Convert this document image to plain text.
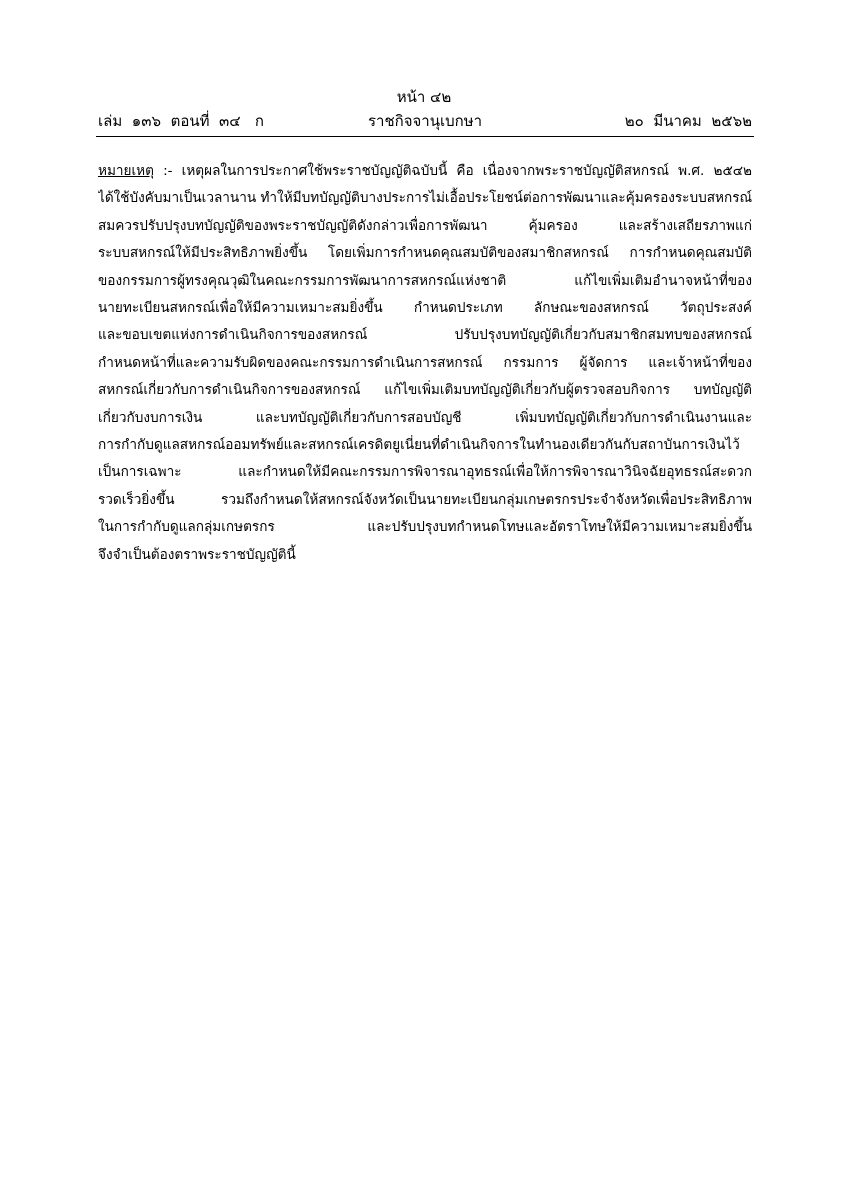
หน้า ๔๒
เล่ม  ๑๓๖  ตอนที่  ๓๔   ก	ราชกิจจานุเบกษา	๒๐  มีนาคม  ๒๕๖๒
หมายเหตุ :- เหตุผลในการประกาศใช้พระราชบัญญัติฉบับนี้ คือ เนื่องจากพระราชบัญญัติสหกรณ์ พ.ศ. ๒๕๔๒
ได้ใช้บังคับมาเป็นเวลานาน ทำให้มีบทบัญญัติบางประการไม่เอื้อประโยชน์ต่อการพัฒนาและคุ้มครองระบบสหกรณ์
สมควรปรับปรุงบทบัญญัติของพระราชบัญญัติดังกล่าวเพื่อการพัฒนา คุ้มครอง และสร้างเสถียรภาพแก่
ระบบสหกรณ์ให้มีประสิทธิภาพยิ่งขึ้น โดยเพิ่มการกำหนดคุณสมบัติของสมาชิกสหกรณ์ การกำหนดคุณสมบัติ
ของกรรมการผู้ทรงคุณวุฒิในคณะกรรมการพัฒนาการสหกรณ์แห่งชาติ แก้ไขเพิ่มเติมอำนาจหน้าที่ของ
นายทะเบียนสหกรณ์เพื่อให้มีความเหมาะสมยิ่งขึ้น กำหนดประเภท ลักษณะของสหกรณ์ วัตถุประสงค์
และขอบเขตแห่งการดำเนินกิจการของสหกรณ์ ปรับปรุงบทบัญญัติเกี่ยวกับสมาชิกสมทบของสหกรณ์
กำหนดหน้าที่และความรับผิดของคณะกรรมการดำเนินการสหกรณ์ กรรมการ ผู้จัดการ และเจ้าหน้าที่ของ
สหกรณ์เกี่ยวกับการดำเนินกิจการของสหกรณ์ แก้ไขเพิ่มเติมบทบัญญัติเกี่ยวกับผู้ตรวจสอบกิจการ บทบัญญัติ
เกี่ยวกับงบการเงิน และบทบัญญัติเกี่ยวกับการสอบบัญชี เพิ่มบทบัญญัติเกี่ยวกับการดำเนินงานและ
การกำกับดูแลสหกรณ์ออมทรัพย์และสหกรณ์เครดิตยูเนี่ยนที่ดำเนินกิจการในทำนองเดียวกันกับสถาบันการเงินไว้
เป็นการเฉพาะ และกำหนดให้มีคณะกรรมการพิจารณาอุทธรณ์เพื่อให้การพิจารณาวินิจฉัยอุทธรณ์สะดวก
รวดเร็วยิ่งขึ้น รวมถึงกำหนดให้สหกรณ์จังหวัดเป็นนายทะเบียนกลุ่มเกษตรกรประจำจังหวัดเพื่อประสิทธิภาพ
ในการกำกับดูแลกลุ่มเกษตรกร และปรับปรุงบทกำหนดโทษและอัตราโทษให้มีความเหมาะสมยิ่งขึ้น
จึงจำเป็นต้องตราพระราชบัญญัตินี้
